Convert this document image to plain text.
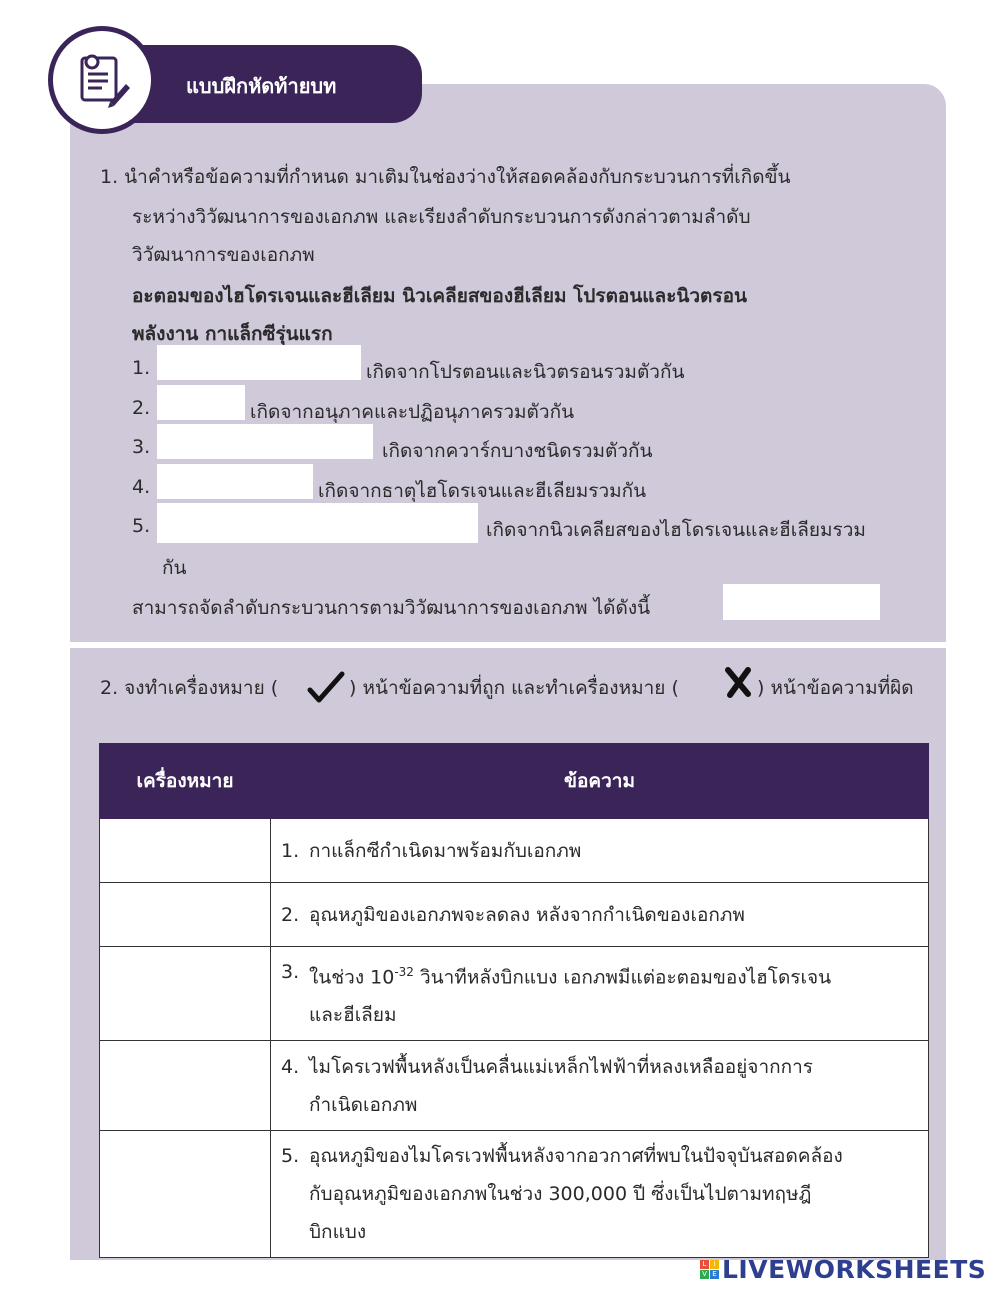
แบบฝึกหัดท้ายบท
1. นำคำหรือข้อความที่กำหนด มาเติมในช่องว่างให้สอดคล้องกับกระบวนการที่เกิดขึ้น
ระหว่างวิวัฒนาการของเอกภพ และเรียงลำดับกระบวนการดังกล่าวตามลำดับ
วิวัฒนาการของเอกภพ
อะตอมของไฮโดรเจนและฮีเลียม นิวเคลียสของฮีเลียม โปรตอนและนิวตรอน
พลังงาน กาแล็กซีรุ่นแรก
1.	เกิดจากโปรตอนและนิวตรอนรวมตัวกัน
2.	เกิดจากอนุภาคและปฏิอนุภาครวมตัวกัน
3.	เกิดจากควาร์กบางชนิดรวมตัวกัน
4.	เกิดจากธาตุไฮโดรเจนและฮีเลียมรวมกัน
5.	เกิดจากนิวเคลียสของไฮโดรเจนและฮีเลียมรวม
กัน
สามารถจัดลำดับกระบวนการตามวิวัฒนาการของเอกภพ ได้ดังนี้
2. จงทำเครื่องหมาย (	) หน้าข้อความที่ถูก และทำเครื่องหมาย (	) หน้าข้อความที่ผิด
เครื่องหมาย	ข้อความ

	1. กาแล็กซีกำเนิดมาพร้อมกับเอกภพ

	2. อุณหภูมิของเอกภพจะลดลง หลังจากกำเนิดของเอกภพ

	3. ในช่วง $10^{-32}$ วินาทีหลังบิกแบง เอกภพมีแต่อะตอมของไฮโดรเจน
และฮีเลียม

	4. ไมโครเวฟพื้นหลังเป็นคลื่นแม่เหล็กไฟฟ้าที่หลงเหลืออยู่จากการ
กำเนิดเอกภพ

	5. อุณหภูมิของไมโครเวฟพื้นหลังจากอวกาศที่พบในปัจจุบันสอดคล้อง
กับอุณหภูมิของเอกภพในช่วง 300,000 ปี ซึ่งเป็นไปตามทฤษฎี
บิกแบง
L	I
V E LIVEWORKSHEETS
